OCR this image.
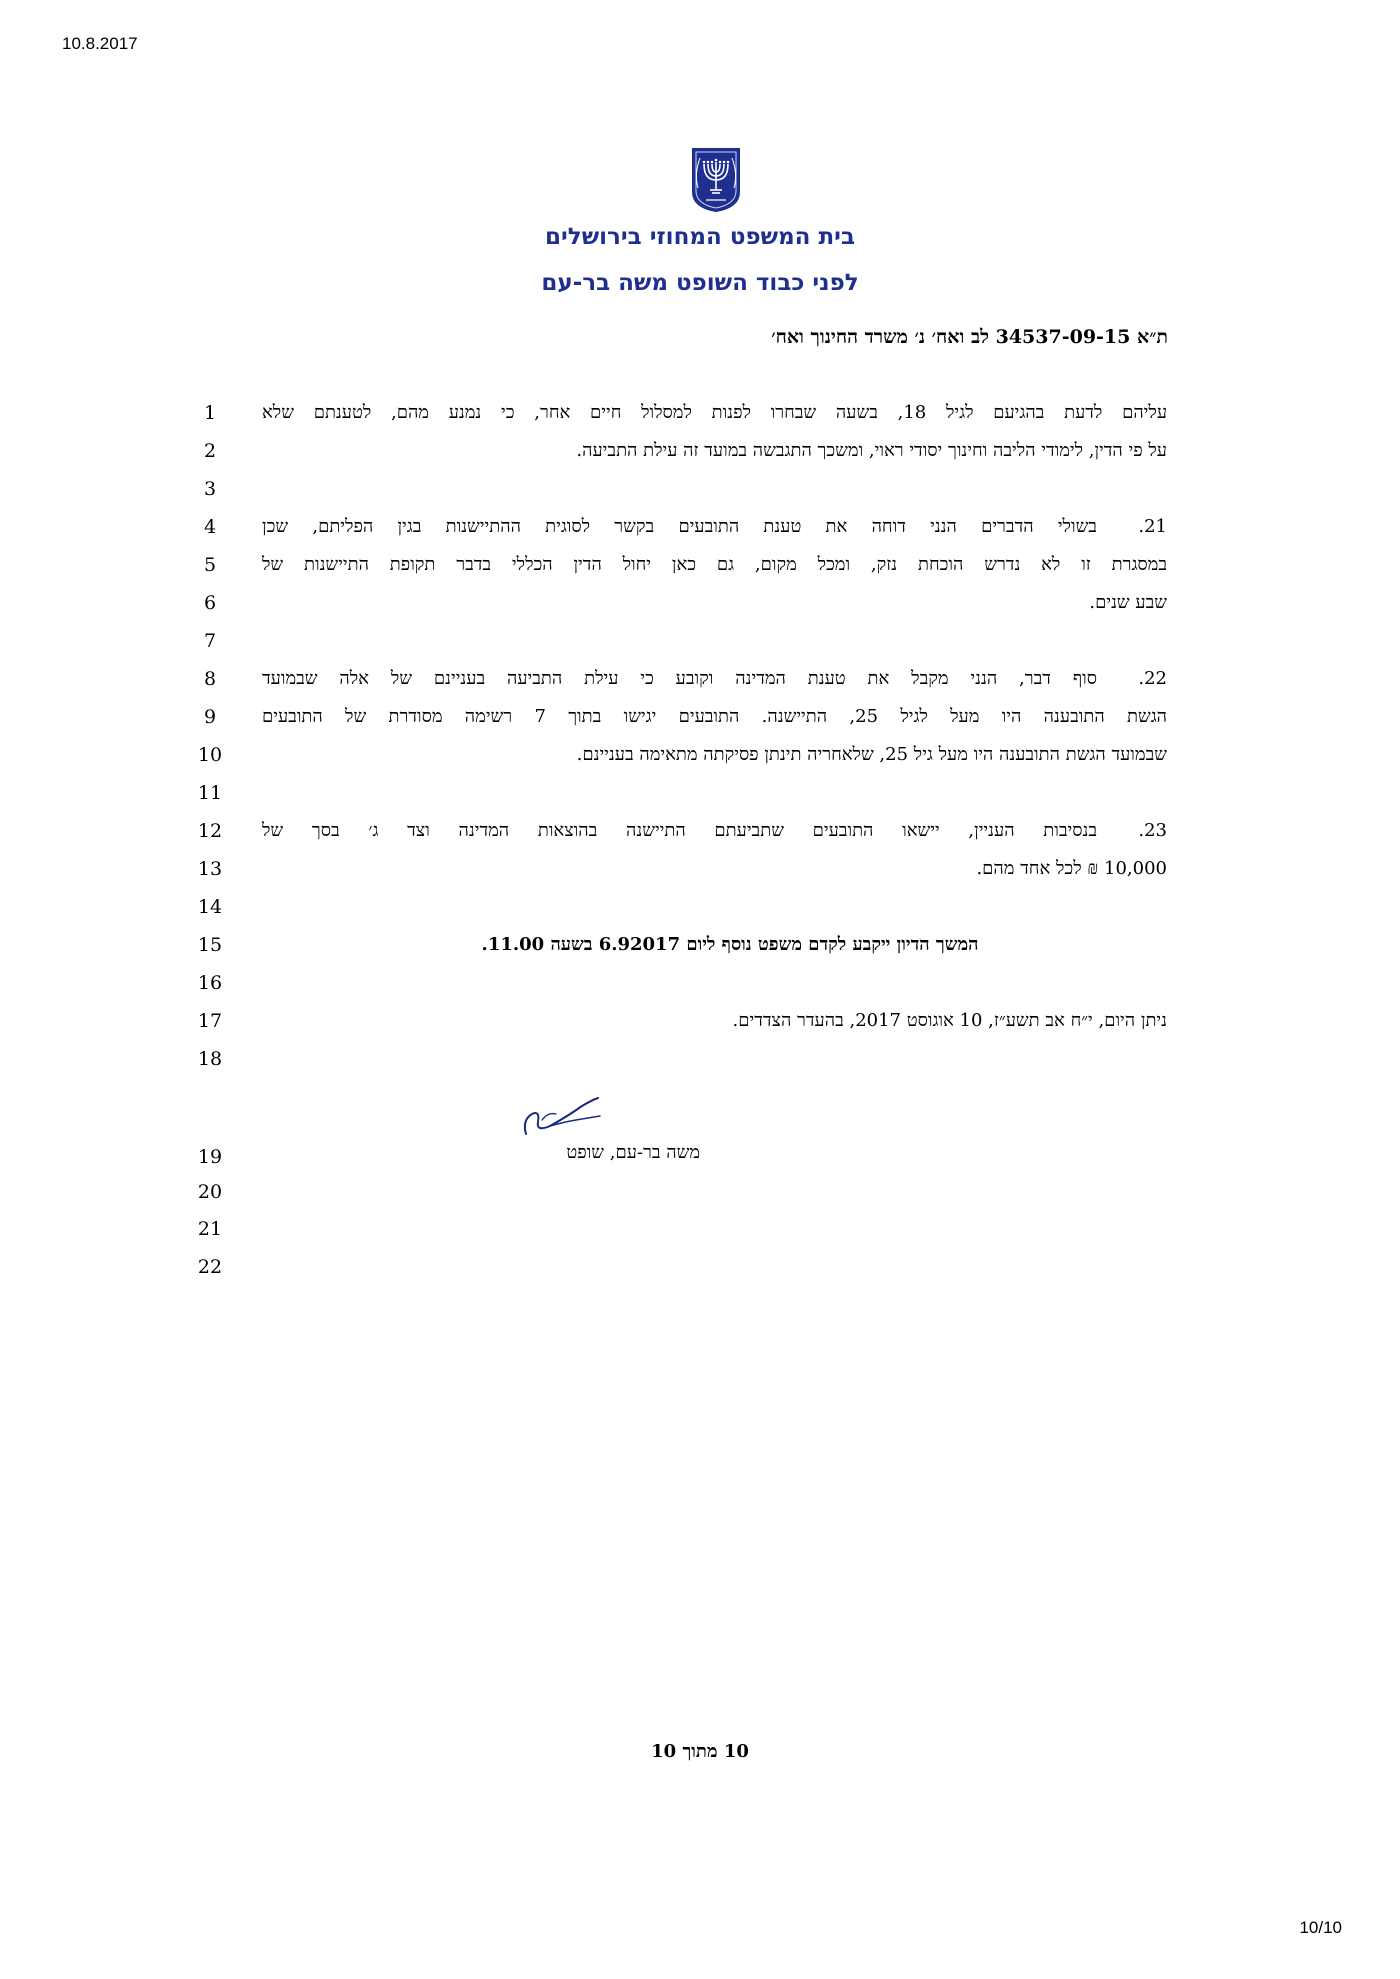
10.8.2017
בית המשפט המחוזי בירושלים
לפני כבוד השופט משה בר-עם
ת״א 34537-09-15 לב ואח׳ נ׳ משרד החינוך ואח׳
1
2
3
4
5
6
7
8
9
10
11
12
13
14
15
16
17
18
19
20
21
22
עליהם לדעת בהגיעם לגיל 18, בשעה שבחרו לפנות למסלול חיים אחר, כי נמנע מהם, לטענתם שלא
על פי הדין, לימודי הליבה וחינוך יסודי ראוי, ומשכך התגבשה במועד זה עילת התביעה.
21.בשולי הדברים הנני דוחה את טענת התובעים בקשר לסוגית ההתיישנות בגין הפליתם, שכן
במסגרת זו לא נדרש הוכחת נזק, ומכל מקום, גם כאן יחול הדין הכללי בדבר תקופת התיישנות של
שבע שנים.
22.סוף דבר, הנני מקבל את טענת המדינה וקובע כי עילת התביעה בעניינם של אלה שבמועד
הגשת התובענה היו מעל לגיל 25, התיישנה. התובעים יגישו בתוך 7 רשימה מסודרת של התובעים
שבמועד הגשת התובענה היו מעל גיל 25, שלאחריה תינתן פסיקתה מתאימה בעניינם.
23.בנסיבות העניין, יישאו התובעים שתביעתם התיישנה בהוצאות המדינה וצד ג׳ בסך של
10,000 ₪ לכל אחד מהם.
המשך הדיון ייקבע לקדם משפט נוסף ליום 6.92017 בשעה 11.00.
ניתן היום, י״ח אב תשע״ז, 10 אוגוסט 2017, בהעדר הצדדים.
משה בר-עם, שופט
10 מתוך 10
10/10
